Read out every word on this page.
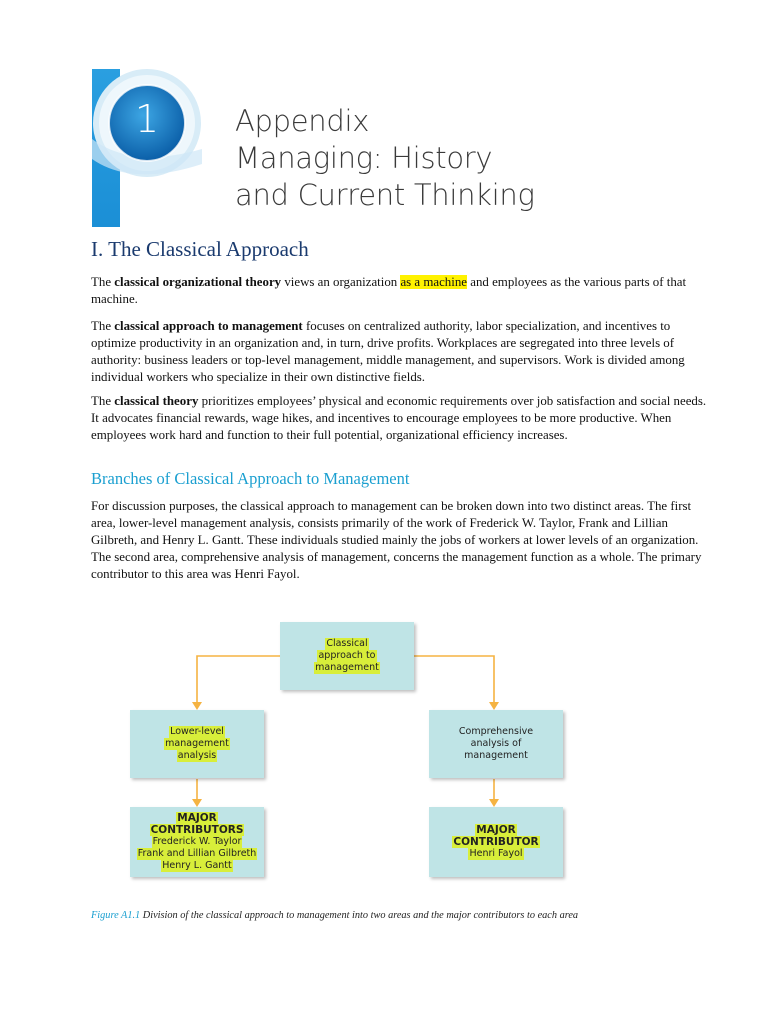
1	Appendix
Managing: History
and Current Thinking
I. The Classical Approach

The classical organizational theory views an organization as a machine and employees as the various parts of that machine.

The classical approach to management focuses on centralized authority, labor specialization, and incentives to optimize productivity in an organization and, in turn, drive profits. Workplaces are segregated into three levels of authority: business leaders or top-level management, middle management, and supervisors. Work is divided among individual workers who specialize in their own distinctive fields.

The classical theory prioritizes employees’ physical and economic requirements over job satisfaction and social needs. It advocates financial rewards, wage hikes, and incentives to encourage employees to be more productive. When employees work hard and function to their full potential, organizational efficiency increases.

Branches of Classical Approach to Management

For discussion purposes, the classical approach to management can be broken down into two distinct areas. The first area, lower-level management analysis, consists primarily of the work of Frederick W. Taylor, Frank and Lillian Gilbreth, and Henry L. Gantt. These individuals studied mainly the jobs of workers at lower levels of an organization. The second area, comprehensive analysis of management, concerns the management function as a whole. The primary contributor to this area was Henri Fayol.

Classical
approach to
management
Lower-level
management
analysis
Comprehensive
analysis of
management
MAJOR
CONTRIBUTORS
Frederick W. Taylor
Frank and Lillian Gilbreth
Henry L. Gantt
MAJOR
CONTRIBUTOR
Henri Fayol
Figure A1.1 Division of the classical approach to management into two areas and the major contributors to each area
